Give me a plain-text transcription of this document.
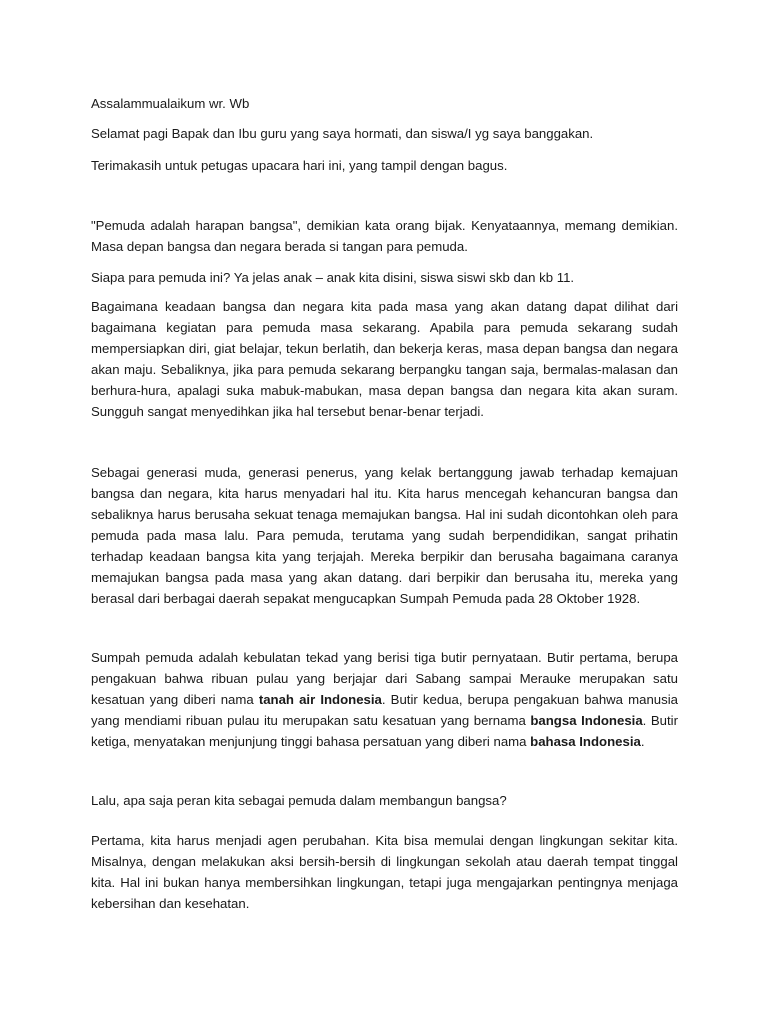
Assalammualaikum wr. Wb

Selamat pagi Bapak dan Ibu guru yang saya hormati, dan siswa/I yg saya banggakan.

Terimakasih untuk petugas upacara hari ini, yang tampil dengan bagus.

"Pemuda adalah harapan bangsa", demikian kata orang bijak. Kenyataannya, memang demikian. Masa depan bangsa dan negara berada si tangan para pemuda.

Siapa para pemuda ini? Ya jelas anak – anak kita disini, siswa siswi skb dan kb 11.

Bagaimana keadaan bangsa dan negara kita pada masa yang akan datang dapat dilihat dari bagaimana kegiatan para pemuda masa sekarang. Apabila para pemuda sekarang sudah mempersiapkan diri, giat belajar, tekun berlatih, dan bekerja keras, masa depan bangsa dan negara akan maju. Sebaliknya, jika para pemuda sekarang berpangku tangan saja, bermalas-malasan dan berhura-hura, apalagi suka mabuk-mabukan, masa depan bangsa dan negara kita akan suram. Sungguh sangat menyedihkan jika hal tersebut benar-benar terjadi.

Sebagai generasi muda, generasi penerus, yang kelak bertanggung jawab terhadap kemajuan bangsa dan negara, kita harus menyadari hal itu. Kita harus mencegah kehancuran bangsa dan sebaliknya harus berusaha sekuat tenaga memajukan bangsa. Hal ini sudah dicontohkan oleh para pemuda pada masa lalu. Para pemuda, terutama yang sudah berpendidikan, sangat prihatin terhadap keadaan bangsa kita yang terjajah. Mereka berpikir dan berusaha bagaimana caranya memajukan bangsa pada masa yang akan datang. dari berpikir dan berusaha itu, mereka yang berasal dari berbagai daerah sepakat mengucapkan Sumpah Pemuda pada 28 Oktober 1928.

Sumpah pemuda adalah kebulatan tekad yang berisi tiga butir pernyataan. Butir pertama, berupa pengakuan bahwa ribuan pulau yang berjajar dari Sabang sampai Merauke merupakan satu kesatuan yang diberi nama tanah air Indonesia. Butir kedua, berupa pengakuan bahwa manusia yang mendiami ribuan pulau itu merupakan satu kesatuan yang bernama bangsa Indonesia. Butir ketiga, menyatakan menjunjung tinggi bahasa persatuan yang diberi nama bahasa Indonesia.

Lalu, apa saja peran kita sebagai pemuda dalam membangun bangsa?

Pertama, kita harus menjadi agen perubahan. Kita bisa memulai dengan lingkungan sekitar kita. Misalnya, dengan melakukan aksi bersih-bersih di lingkungan sekolah atau daerah tempat tinggal kita. Hal ini bukan hanya membersihkan lingkungan, tetapi juga mengajarkan pentingnya menjaga kebersihan dan kesehatan.
